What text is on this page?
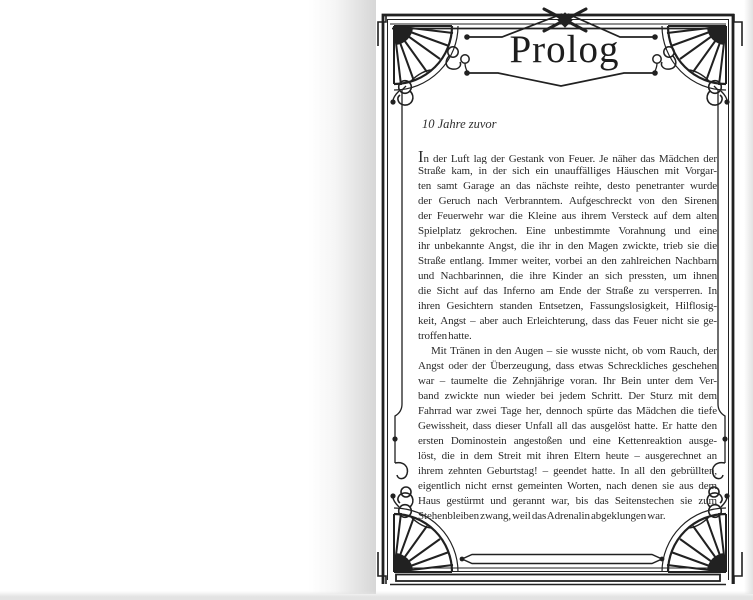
Prolog
10 Jahre zuvor
In der Luft lag der Gestank von Feuer. Je näher das Mädchen der
Straße kam, in der sich ein unauffälliges Häuschen mit Vorgar-
ten samt Garage an das nächste reihte, desto penetranter wurde
der Geruch nach Verbranntem. Aufgeschreckt von den Sirenen
der Feuerwehr war die Kleine aus ihrem Versteck auf dem alten
Spielplatz gekrochen. Eine unbestimmte Vorahnung und eine
ihr unbekannte Angst, die ihr in den Magen zwickte, trieb sie die
Straße entlang. Immer weiter, vorbei an den zahlreichen Nachbarn
und Nachbarinnen, die ihre Kinder an sich pressten, um ihnen
die Sicht auf das Inferno am Ende der Straße zu versperren. In
ihren Gesichtern standen Entsetzen, Fassungslosigkeit, Hilflosig-
keit, Angst – aber auch Erleichterung, dass das Feuer nicht sie ge-
troffen hatte.
Mit Tränen in den Augen – sie wusste nicht, ob vom Rauch, der
Angst oder der Überzeugung, dass etwas Schreckliches geschehen
war – taumelte die Zehnjährige voran. Ihr Bein unter dem Ver-
band zwickte nun wieder bei jedem Schritt. Der Sturz mit dem
Fahrrad war zwei Tage her, dennoch spürte das Mädchen die tiefe
Gewissheit, dass dieser Unfall all das ausgelöst hatte. Er hatte den
ersten Dominostein angestoßen und eine Kettenreaktion ausge-
löst, die in dem Streit mit ihren Eltern heute – ausgerechnet an
ihrem zehnten Geburtstag! – geendet hatte. In all den gebrüllten,
eigentlich nicht ernst gemeinten Worten, nach denen sie aus dem
Haus gestürmt und gerannt war, bis das Seitenstechen sie zum
Stehenbleiben zwang, weil das Adrenalin abgeklungen war.
